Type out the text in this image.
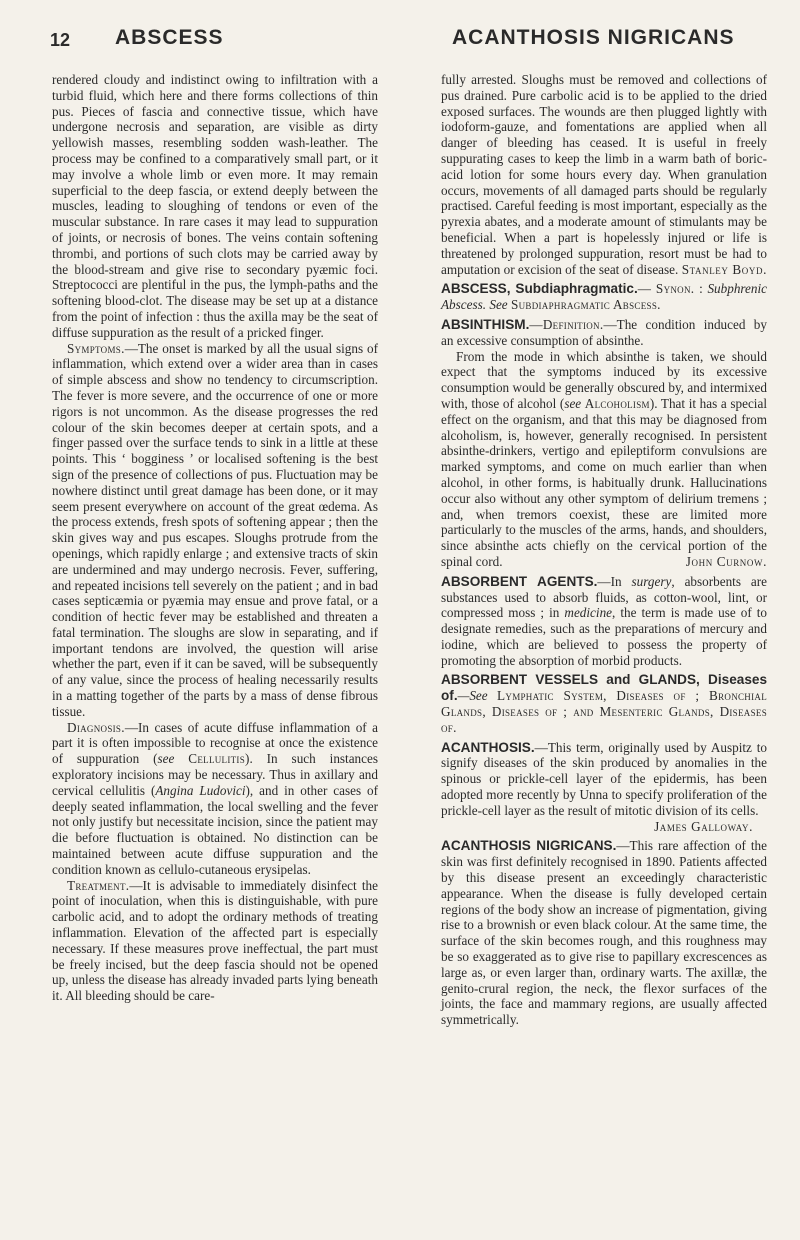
12 ABSCESS	ACANTHOSIS NIGRICANS

rendered cloudy and indistinct owing to infiltration with a turbid fluid, which here and there forms collections of thin pus. Pieces of fascia and connective tissue, which have undergone necrosis and separation, are visible as dirty yellowish masses, resembling sodden wash-leather. The process may be confined to a comparatively small part, or it may involve a whole limb or even more. It may remain superficial to the deep fascia, or extend deeply between the muscles, leading to sloughing of tendons or even of the muscular substance. In rare cases it may lead to suppuration of joints, or necrosis of bones. The veins contain softening thrombi, and portions of such clots may be carried away by the blood-stream and give rise to secondary pyæmic foci. Streptococci are plentiful in the pus, the lymph-paths and the softening blood-clot. The disease may be set up at a distance from the point of infection : thus the axilla may be the seat of diffuse suppuration as the result of a pricked finger.

Symptoms.—The onset is marked by all the usual signs of inflammation, which extend over a wider area than in cases of simple abscess and show no tendency to circumscription. The fever is more severe, and the occurrence of one or more rigors is not uncommon. As the disease progresses the red colour of the skin becomes deeper at certain spots, and a finger passed over the surface tends to sink in a little at these points. This ‘ bogginess ’ or localised softening is the best sign of the presence of collections of pus. Fluctuation may be nowhere distinct until great damage has been done, or it may seem present everywhere on account of the great œdema. As the process extends, fresh spots of softening appear ; then the skin gives way and pus escapes. Sloughs protrude from the openings, which rapidly enlarge ; and extensive tracts of skin are undermined and may undergo necrosis. Fever, suffering, and repeated incisions tell severely on the patient ; and in bad cases septicæmia or pyæmia may ensue and prove fatal, or a condition of hectic fever may be established and threaten a fatal termination. The sloughs are slow in separating, and if important tendons are involved, the question will arise whether the part, even if it can be saved, will be subsequently of any value, since the process of healing necessarily results in a matting together of the parts by a mass of dense fibrous tissue.

Diagnosis.—In cases of acute diffuse inflammation of a part it is often impossible to recognise at once the existence of suppuration (see Cellulitis). In such instances exploratory incisions may be necessary. Thus in axillary and cervical cellulitis (Angina Ludovici), and in other cases of deeply seated inflammation, the local swelling and the fever not only justify but necessitate incision, since the patient may die before fluctuation is obtained. No distinction can be maintained between acute diffuse suppuration and the condition known as cellulo-cutaneous erysipelas.

Treatment.—It is advisable to immediately disinfect the point of inoculation, when this is distinguishable, with pure carbolic acid, and to adopt the ordinary methods of treating inflammation. Elevation of the affected part is especially necessary. If these measures prove ineffectual, the part must be freely incised, but the deep fascia should not be opened up, unless the disease has already invaded parts lying beneath it. All bleeding should be care-

fully arrested. Sloughs must be removed and collections of pus drained. Pure carbolic acid is to be applied to the dried exposed surfaces. The wounds are then plugged lightly with iodoform-gauze, and fomentations are applied when all danger of bleeding has ceased. It is useful in freely suppurating cases to keep the limb in a warm bath of boric-acid lotion for some hours every day. When granulation occurs, movements of all damaged parts should be regularly practised. Careful feeding is most important, especially as the pyrexia abates, and a moderate amount of stimulants may be beneficial. When a part is hopelessly injured or life is threatened by prolonged suppuration, resort must be had to amputation or excision of the seat of disease. Stanley Boyd.

ABSCESS, Subdiaphragmatic.— Synon. : Subphrenic Abscess. See Subdiaphragmatic Abscess.

ABSINTHISM.—Definition.—The condition induced by an excessive consumption of absinthe.

From the mode in which absinthe is taken, we should expect that the symptoms induced by its excessive consumption would be generally obscured by, and intermixed with, those of alcohol (see Alcoholism). That it has a special effect on the organism, and that this may be diagnosed from alcoholism, is, however, generally recognised. In persistent absinthe-drinkers, vertigo and epileptiform convulsions are marked symptoms, and come on much earlier than when alcohol, in other forms, is habitually drunk. Hallucinations occur also without any other symptom of delirium tremens ; and, when tremors coexist, these are limited more particularly to the muscles of the arms, hands, and shoulders, since absinthe acts chiefly on the cervical portion of the spinal cord.	John Curnow.

ABSORBENT AGENTS.—In surgery, absorbents are substances used to absorb fluids, as cotton-wool, lint, or compressed moss ; in medicine, the term is made use of to designate remedies, such as the preparations of mercury and iodine, which are believed to possess the property of promoting the absorption of morbid products.

ABSORBENT VESSELS and GLANDS, Diseases of.—See Lymphatic System, Diseases of ; Bronchial Glands, Diseases of ; and Mesenteric Glands, Diseases of.

ACANTHOSIS.—This term, originally used by Auspitz to signify diseases of the skin produced by anomalies in the spinous or prickle-cell layer of the epidermis, has been adopted more recently by Unna to specify proliferation of the prickle-cell layer as the result of mitotic division of its cells.

James Galloway.

ACANTHOSIS NIGRICANS.—This rare affection of the skin was first definitely recognised in 1890. Patients affected by this disease present an exceedingly characteristic appearance. When the disease is fully developed certain regions of the body show an increase of pigmentation, giving rise to a brownish or even black colour. At the same time, the surface of the skin becomes rough, and this roughness may be so exaggerated as to give rise to papillary excrescences as large as, or even larger than, ordinary warts. The axillæ, the genito-crural region, the neck, the flexor surfaces of the joints, the face and mammary regions, are usually affected symmetrically.
